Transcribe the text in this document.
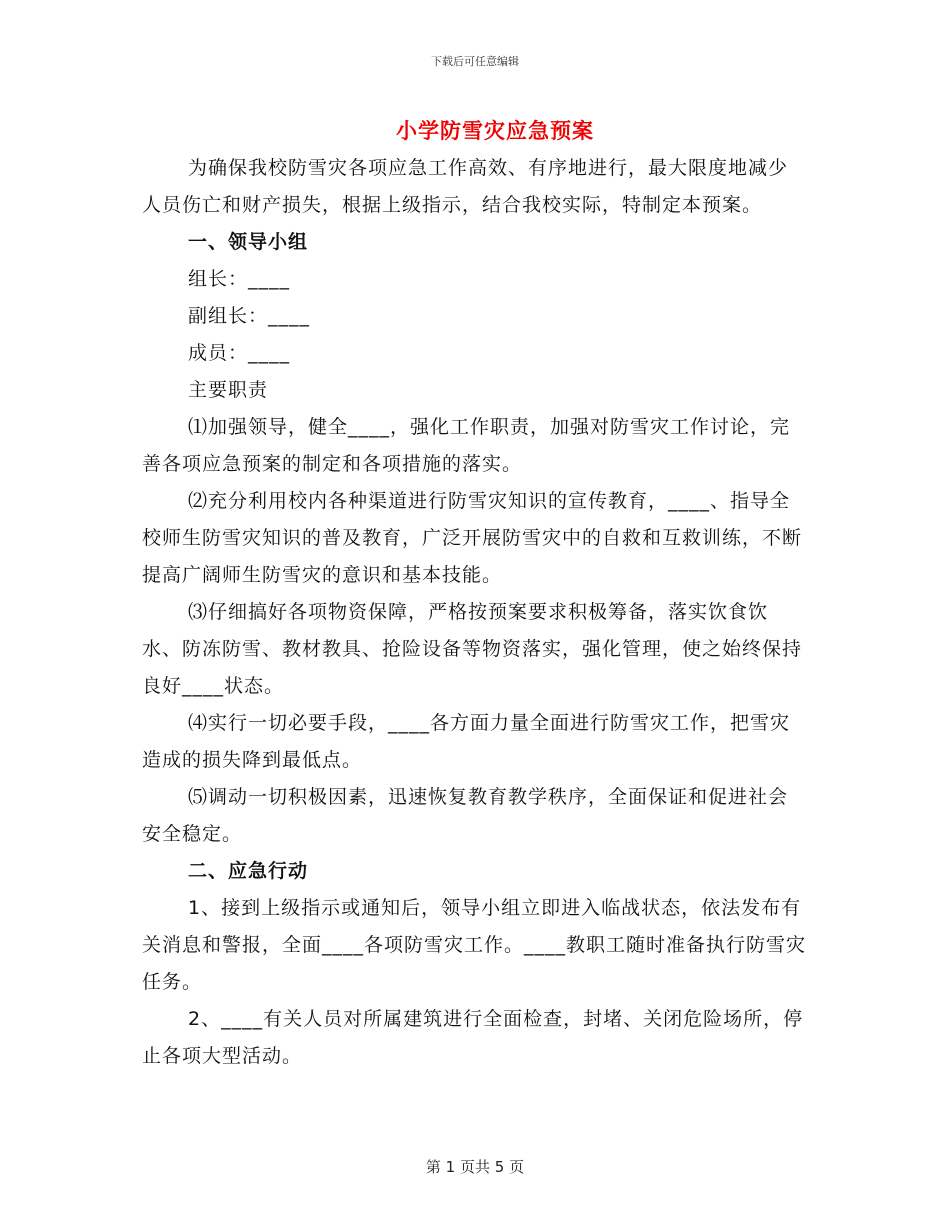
下载后可任意编辑
小学防雪灾应急预案

为确保我校防雪灾各项应急工作高效、有序地进行，最大限度地减少人员伤亡和财产损失，根据上级指示，结合我校实际，特制定本预案。

一、领导小组

组长：____

副组长：____

成员：____

主要职责

⑴加强领导，健全____，强化工作职责，加强对防雪灾工作讨论，完善各项应急预案的制定和各项措施的落实。

⑵充分利用校内各种渠道进行防雪灾知识的宣传教育，____、指导全校师生防雪灾知识的普及教育，广泛开展防雪灾中的自救和互救训练，不断提高广阔师生防雪灾的意识和基本技能。

⑶仔细搞好各项物资保障，严格按预案要求积极筹备，落实饮食饮水、防冻防雪、教材教具、抢险设备等物资落实，强化管理，使之始终保持良好____状态。

⑷实行一切必要手段，____各方面力量全面进行防雪灾工作，把雪灾造成的损失降到最低点。

⑸调动一切积极因素，迅速恢复教育教学秩序，全面保证和促进社会安全稳定。

二、应急行动

1、接到上级指示或通知后，领导小组立即进入临战状态，依法发布有关消息和警报，全面____各项防雪灾工作。____教职工随时准备执行防雪灾任务。

2、____有关人员对所属建筑进行全面检查，封堵、关闭危险场所，停止各项大型活动。

第 1 页共 5 页
